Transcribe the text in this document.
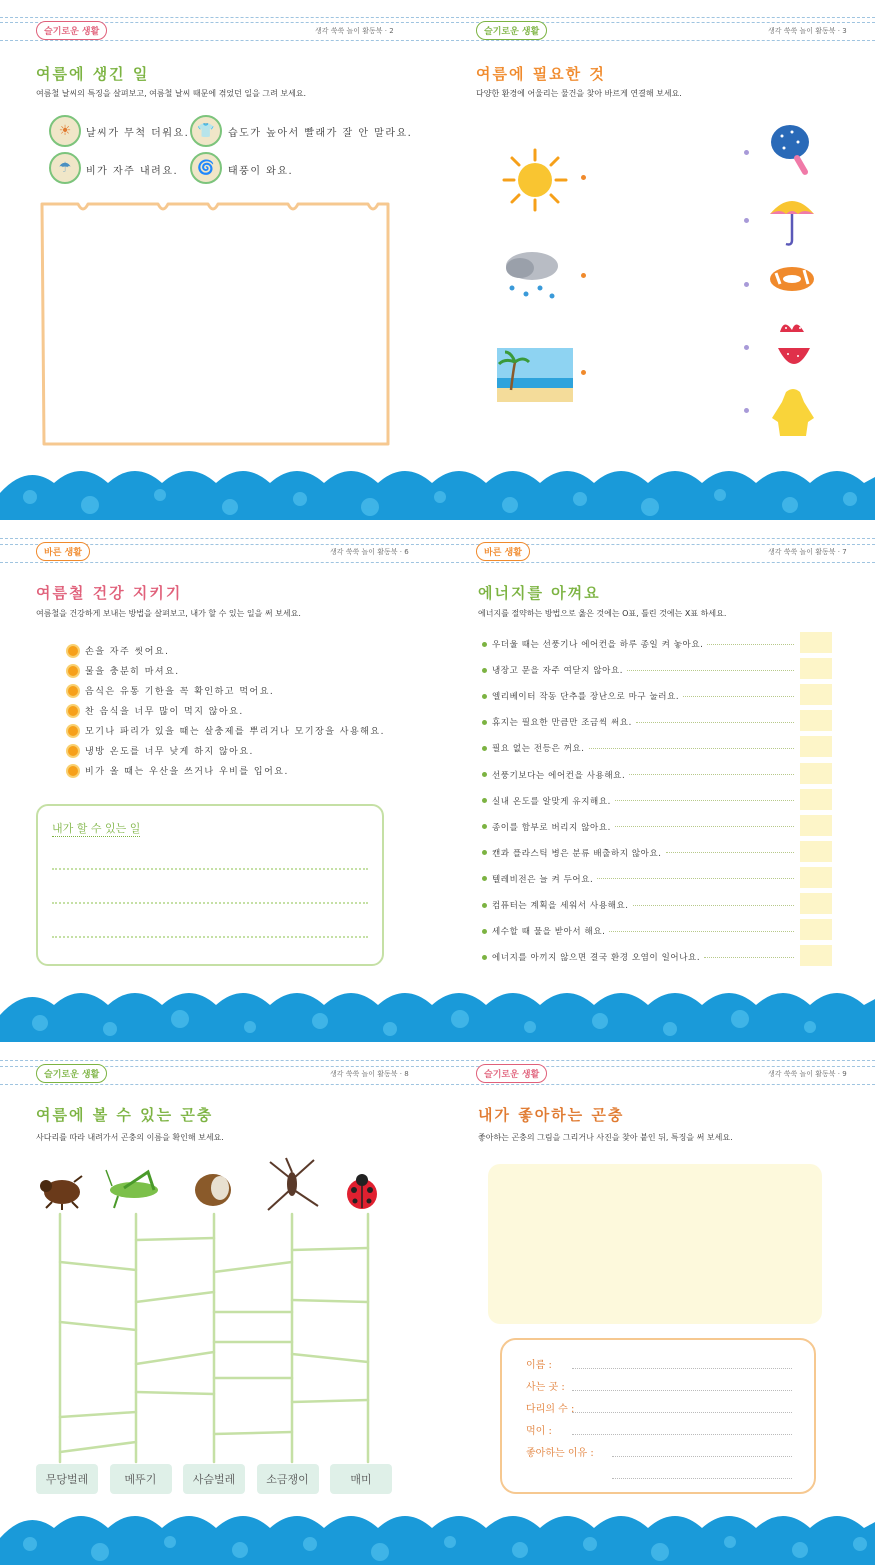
슬기로운 생활	생각 쑥쑥 놀이 활동북 · 2
여름에 생긴 일
여름철 날씨의 특징을 살펴보고, 여름철 날씨 때문에 겪었던 일을 그려 보세요.
☀ 날씨가 무척 더워요. 👕 습도가 높아서 빨래가 잘 안 말라요.
☂ 비가 자주 내려요. 🌀 태풍이 와요.
슬기로운 생활	생각 쑥쑥 놀이 활동북 · 3
여름에 필요한 것
다양한 환경에 어울리는 물건을 찾아 바르게 연결해 보세요.
바른 생활	생각 쑥쑥 놀이 활동북 · 6
여름철 건강 지키기
여름철을 건강하게 보내는 방법을 살펴보고, 내가 할 수 있는 일을 써 보세요.
손을 자주 씻어요.
물을 충분히 마셔요.
음식은 유통 기한을 꼭 확인하고 먹어요.
찬 음식을 너무 많이 먹지 않아요.
모기나 파리가 있을 때는 살충제를 뿌리거나 모기장을 사용해요.
냉방 온도를 너무 낮게 하지 않아요.
비가 올 때는 우산을 쓰거나 우비를 입어요.
내가 할 수 있는 일
바른 생활	생각 쑥쑥 놀이 활동북 · 7
에너지를 아껴요
에너지를 절약하는 방법으로 옳은 것에는 O표, 틀린 것에는 X표 하세요.
우더울 때는 선풍기나 에어컨을 하루 종일 켜 놓아요.
냉장고 문을 자주 여닫지 않아요.
엘리베이터 작동 단추를 장난으로 마구 눌러요.
휴지는 필요한 만큼만 조금씩 써요.
필요 없는 전등은 꺼요.
선풍기보다는 에어컨을 사용해요.
실내 온도를 알맞게 유지해요.
종이를 함부로 버리지 않아요.
캔과 플라스틱 병은 분류 배출하지 않아요.
텔레비전은 늘 켜 두어요.
컴퓨터는 계획을 세워서 사용해요.
세수할 때 물을 받아서 해요.
에너지를 아끼지 않으면 결국 환경 오염이 일어나요.
슬기로운 생활	생각 쑥쑥 놀이 활동북 · 8
여름에 볼 수 있는 곤충
사다리를 따라 내려가서 곤충의 이름을 확인해 보세요.
무당벌레	메뚜기	사슴벌레	소금쟁이	매미
슬기로운 생활	생각 쑥쑥 놀이 활동북 · 9
내가 좋아하는 곤충
좋아하는 곤충의 그림을 그리거나 사진을 찾아 붙인 뒤, 특징을 써 보세요.
이름 :
사는 곳 :
다리의 수 :
먹이 :
좋아하는 이유 :
